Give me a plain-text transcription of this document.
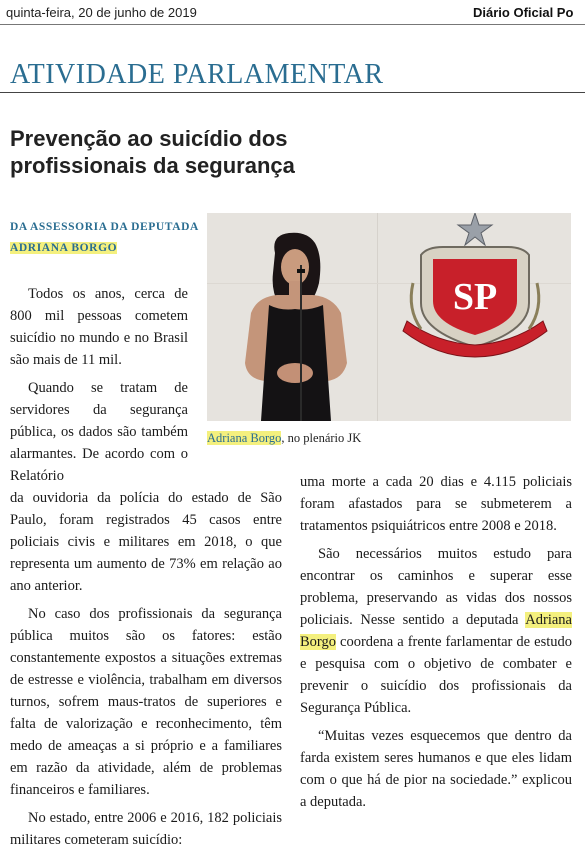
quinta-feira, 20 de junho de 2019	Diário Oficial Po
ATIVIDADE PARLAMENTAR
Prevenção ao suicídio dos
profissionais da segurança
DA ASSESSORIA DA DEPUTADA
ADRIANA BORGO
SP
Adriana Borgo, no plenário JK

Todos os anos, cerca de 800 mil pessoas cometem suicídio no mundo e no Brasil são mais de 11 mil.

Quando se tratam de servidores da segurança pública, os dados são também alarmantes. De acordo com o Relatório

da ouvidoria da polícia do estado de São Paulo, foram registrados 45 casos entre policiais civis e militares em 2018, o que representa um aumento de 73% em relação ao ano anterior.

No caso dos profissionais da segurança pública muitos são os fatores: estão constantemente expostos a situações extremas de estresse e violência, trabalham em diversos turnos, sofrem maus-tratos de superiores e falta de valorização e reconhecimento, têm medo de ameaças a si próprio e a familiares em razão da atividade, além de problemas financeiros e familiares.

No estado, entre 2006 e 2016, 182 policiais militares cometeram suicídio:

uma morte a cada 20 dias e 4.115 policiais foram afastados para se submeterem a tratamentos psiquiátricos entre 2008 e 2018.

São necessários muitos estudo para encontrar os caminhos e superar esse problema, preservando as vidas dos nossos policiais. Nesse sentido a deputada Adriana Borgo coordena a frente farlamentar de estudo e pesquisa com o objetivo de combater e prevenir o suicídio dos profissionais da Segurança Pública.

“Muitas vezes esquecemos que dentro da farda existem seres humanos e que eles lidam com o que há de pior na sociedade.” explicou a deputada.
